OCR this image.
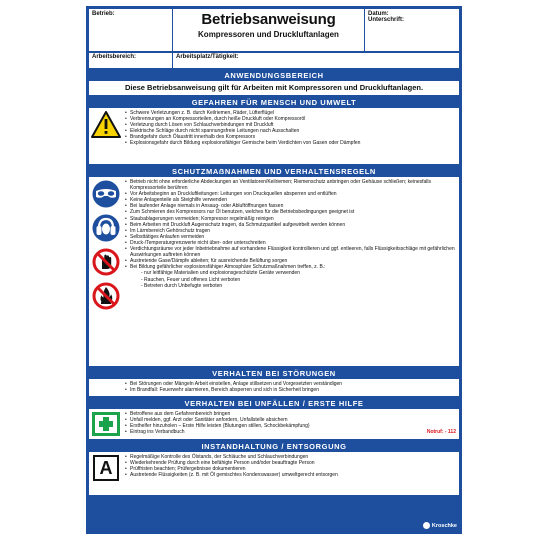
Betrieb:	Betriebsanweisung
Kompressoren und Druckluftanlagen
Datum:
Unterschrift:
Arbeitsbereich:	Arbeitsplatz/Tätigkeit:
ANWENDUNGSBEREICH
Diese Betriebsanweisung gilt für Arbeiten mit Kompressoren und Druckluftanlagen.
GEFAHREN FÜR MENSCH UND UMWELT
• Schwere Verletzungen z. B. durch Keilriemen, Räder, Lüfterflügel
• Verbrennungen an Kompressorteilen, durch heiße Druckluft oder Kompressoröl
• Verletzung durch Lösen von Schlauchverbindungen mit Druckluft
• Elektrische Schläge durch nicht spannungsfreie Leitungen nach Ausschalten
• Brandgefahr durch Ölaustritt innerhalb des Kompressors
• Explosionsgefahr durch Bildung explosionsfähiger Gemische beim Verdichten von Gasen oder Dämpfen
SCHUTZMAẞNAHMEN UND VERHALTENSREGELN
• Betrieb nicht ohne erforderliche Abdeckungen an Ventilatoren/Keilriemen; Riemenschutz anbringen oder Gehäuse schließen; keinesfalls Kompressorteile berühren
• Vor Arbeitsbeginn an Druckluftleitungen: Leitungen von Druckquellen absperren und entlüften
• Keine Anlagenteile als Steighilfe verwenden
• Bei laufender Anlage niemals in Ansaug- oder Abluftöffnungen fassen
• Zum Schmieren des Kompressors nur Öl benutzen, welches für die Betriebsbedingungen geeignet ist
• Staubablagerungen vermeiden; Kompressor regelmäßig reinigen
• Beim Arbeiten mit Druckluft Augenschutz tragen, da Schmutzpartikel aufgewirbelt werden können
• Im Lärmbereich Gehörschutz tragen
• Selbsttätiges Anlaufen vermeiden
• Druck-/Temperaturgrenzwerte nicht über- oder unterschreiten
• Verdichtungsräume vor jeder Inbetriebnahme auf vorhandene Flüssigkeit kontrollieren und ggf. entleeren, falls Flüssigkeitsschläge mit gefährlichen Auswirkungen auftreten können
• Austretende Gase/Dämpfe ableiten; für ausreichende Belüftung sorgen
• Bei Bildung gefährlicher explosionsfähiger Atmosphäre Schutzmaßnahmen treffen, z. B.:
- nur leitfähige Materialien und explosionsgeschützte Geräte verwenden
- Rauchen, Feuer und offenes Licht verboten
- Betreten durch Unbefugte verboten
VERHALTEN BEI STÖRUNGEN
• Bei Störungen oder Mängeln Arbeit einstellen, Anlage stillsetzen und Vorgesetzten verständigen
• Im Brandfall: Feuerwehr alarmieren, Bereich absperren und sich in Sicherheit bringen
VERHALTEN BEI UNFÄLLEN / ERSTE HILFE
• Betroffene aus dem Gefahrenbereich bringen
• Unfall melden, ggf. Arzt oder Sanitäter anfordern, Unfallstelle absichern
• Ersthelfer hinzuholen – Erste Hilfe leisten (Blutungen stillen, Schockbekämpfung)
• Eintrag ins Verbandbuch	Notruf: - 112
INSTANDHALTUNG / ENTSORGUNG
A
• Regelmäßige Kontrolle des Ölstands, der Schläuche und Schlauchverbindungen
• Wiederkehrende Prüfung durch eine befähigte Person und/oder beauftragte Person
• Prüffristen beachten; Prüfergebnisse dokumentieren
• Austretende Flüssigkeiten (z. B. mit Öl gemischtes Kondenswasser) umweltgerecht entsorgen
Kroschke
